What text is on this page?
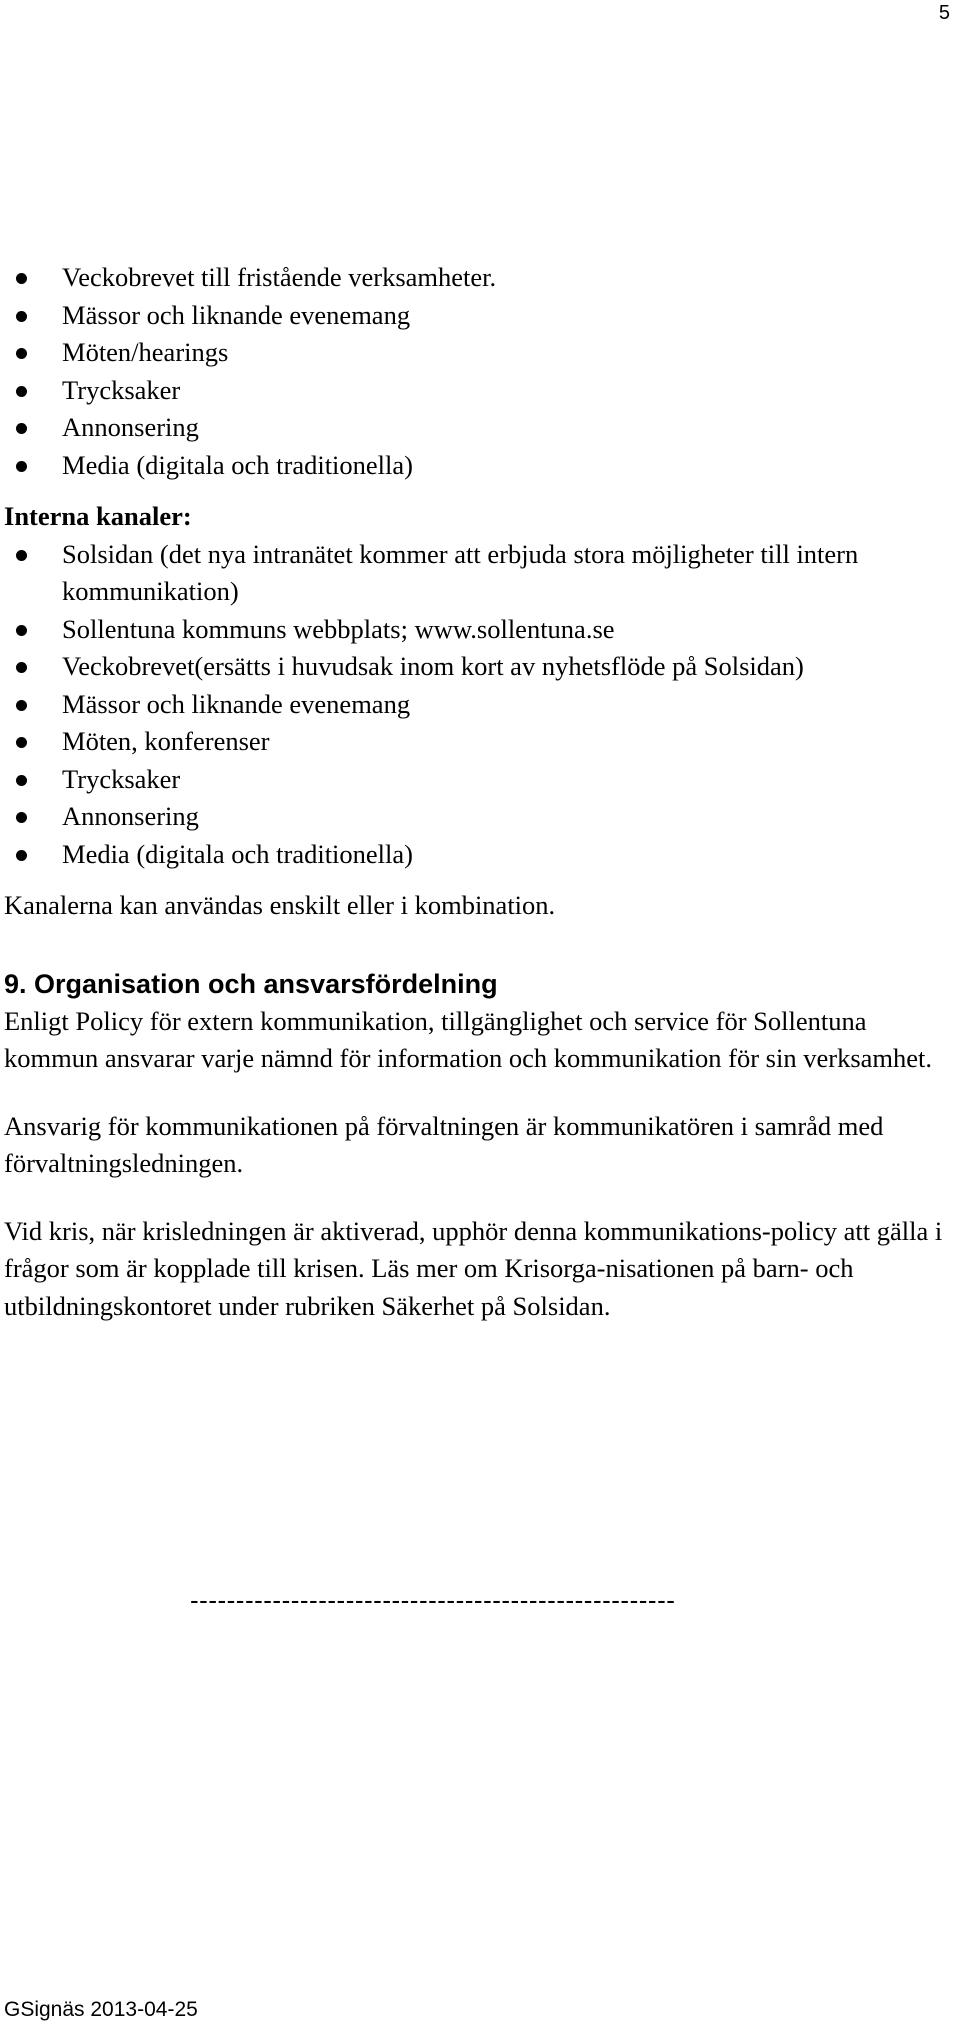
5
Veckobrevet till fristående verksamheter.
Mässor och liknande evenemang
Möten/hearings
Trycksaker
Annonsering
Media (digitala och traditionella)

Interna kanaler:

Solsidan (det nya intranätet kommer att erbjuda stora möjligheter till intern kommunikation)
Sollentuna kommuns webbplats; www.sollentuna.se
Veckobrevet(ersätts i huvudsak inom kort av nyhetsflöde på Solsidan)
Mässor och liknande evenemang
Möten, konferenser
Trycksaker
Annonsering
Media (digitala och traditionella)

Kanalerna kan användas enskilt eller i kombination.

9. Organisation och ansvarsfördelning

Enligt Policy för extern kommunikation, tillgänglighet och service för Sollentuna kommun ansvarar varje nämnd för information och kommunikation för sin verksamhet.

Ansvarig för kommunikationen på förvaltningen är kommunikatören i samråd med förvaltningsledningen.

Vid kris, när krisledningen är aktiverad, upphör denna kommunikations-policy att gälla i frågor som är kopplade till krisen. Läs mer om Krisorga-nisationen på barn- och utbildningskontoret under rubriken Säkerhet på Solsidan.

-----------------------------------------------------
GSignäs 2013-04-25
